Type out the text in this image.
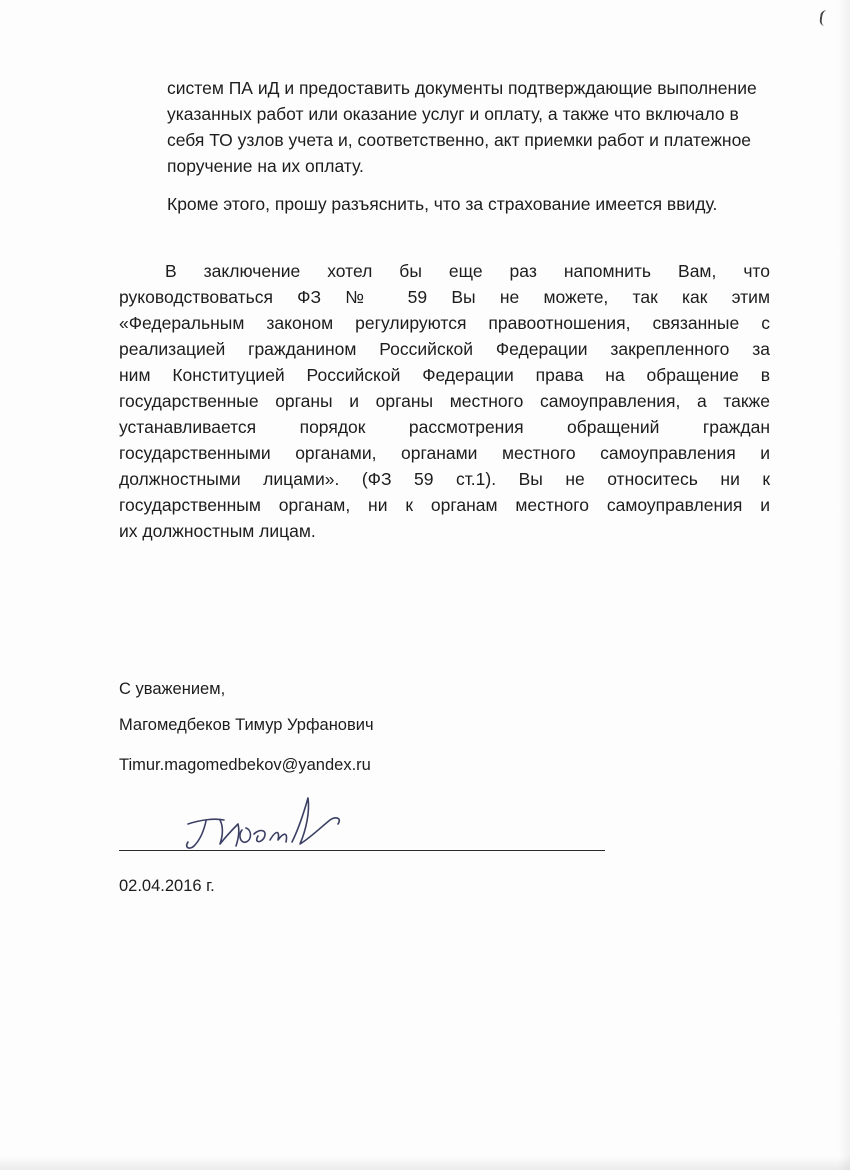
систем ПА иД и предоставить документы подтверждающие выполнение указанных работ или оказание услуг и оплату, а также что включало в себя ТО узлов учета и, соответственно, акт приемки работ и платежное поручение на их оплату.

Кроме этого, прошу разъяснить, что за страхование имеется ввиду.

В заключение хотел бы еще раз напомнить Вам, что
руководствоваться ФЗ № 59 Вы не можете, так как этим
«Федеральным законом регулируются правоотношения, связанные с
реализацией гражданином Российской Федерации закрепленного за
ним Конституцией Российской Федерации права на обращение в
государственные органы и органы местного самоуправления, а также
устанавливается порядок рассмотрения обращений граждан
государственными органами, органами местного самоуправления и
должностными лицами». (ФЗ 59 ст.1). Вы не относитесь ни к
государственным органам, ни к органам местного самоуправления и
их должностным лицам.

С уважением,

Магомедбеков Тимур Урфанович

Timur.magomedbekov@yandex.ru

02.04.2016 г.
